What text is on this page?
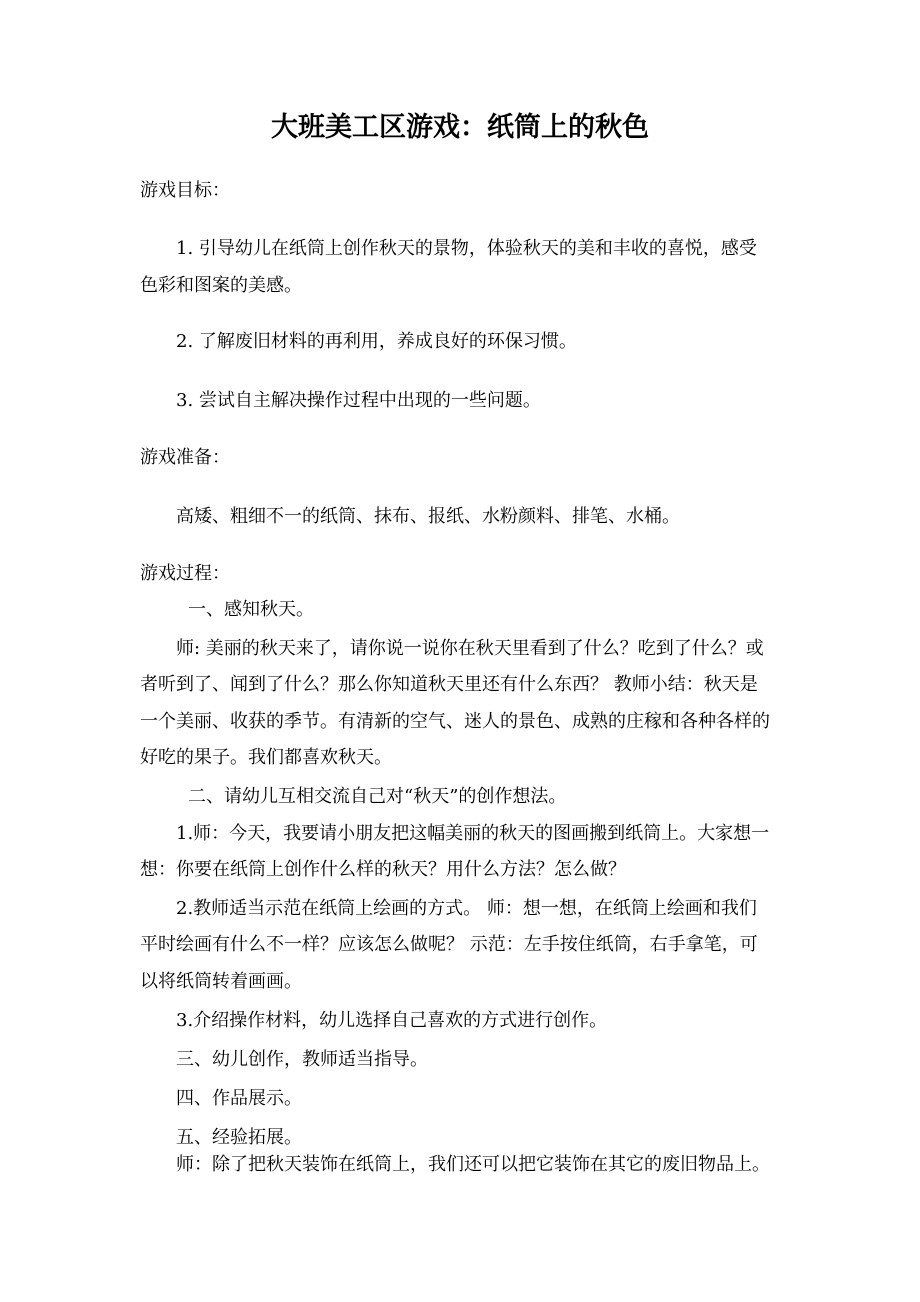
大班美工区游戏：纸筒上的秋色
游戏目标：
1. 引导幼儿在纸筒上创作秋天的景物，体验秋天的美和丰收的喜悦，感受
色彩和图案的美感。
2. 了解废旧材料的再利用，养成良好的环保习惯。
3. 尝试自主解决操作过程中出现的一些问题。
游戏准备：
高矮、粗细不一的纸筒、抹布、报纸、水粉颜料、排笔、水桶。
游戏过程：
一、感知秋天。
师: 美丽的秋天来了，请你说一说你在秋天里看到了什么？吃到了什么？或
者听到了、闻到了什么？那么你知道秋天里还有什么东西？ 教师小结：秋天是
一个美丽、收获的季节。有清新的空气、迷人的景色、成熟的庄稼和各种各样的
好吃的果子。我们都喜欢秋天。
二、请幼儿互相交流自己对“秋天”的创作想法。
1.师：今天，我要请小朋友把这幅美丽的秋天的图画搬到纸筒上。大家想一
想：你要在纸筒上创作什么样的秋天？用什么方法？怎么做？
2.教师适当示范在纸筒上绘画的方式。 师：想一想，在纸筒上绘画和我们
平时绘画有什么不一样？应该怎么做呢？ 示范：左手按住纸筒，右手拿笔，可
以将纸筒转着画画。
3.介绍操作材料，幼儿选择自己喜欢的方式进行创作。
三、幼儿创作，教师适当指导。
四、作品展示。
五、经验拓展。
师：除了把秋天装饰在纸筒上，我们还可以把它装饰在其它的废旧物品上。
